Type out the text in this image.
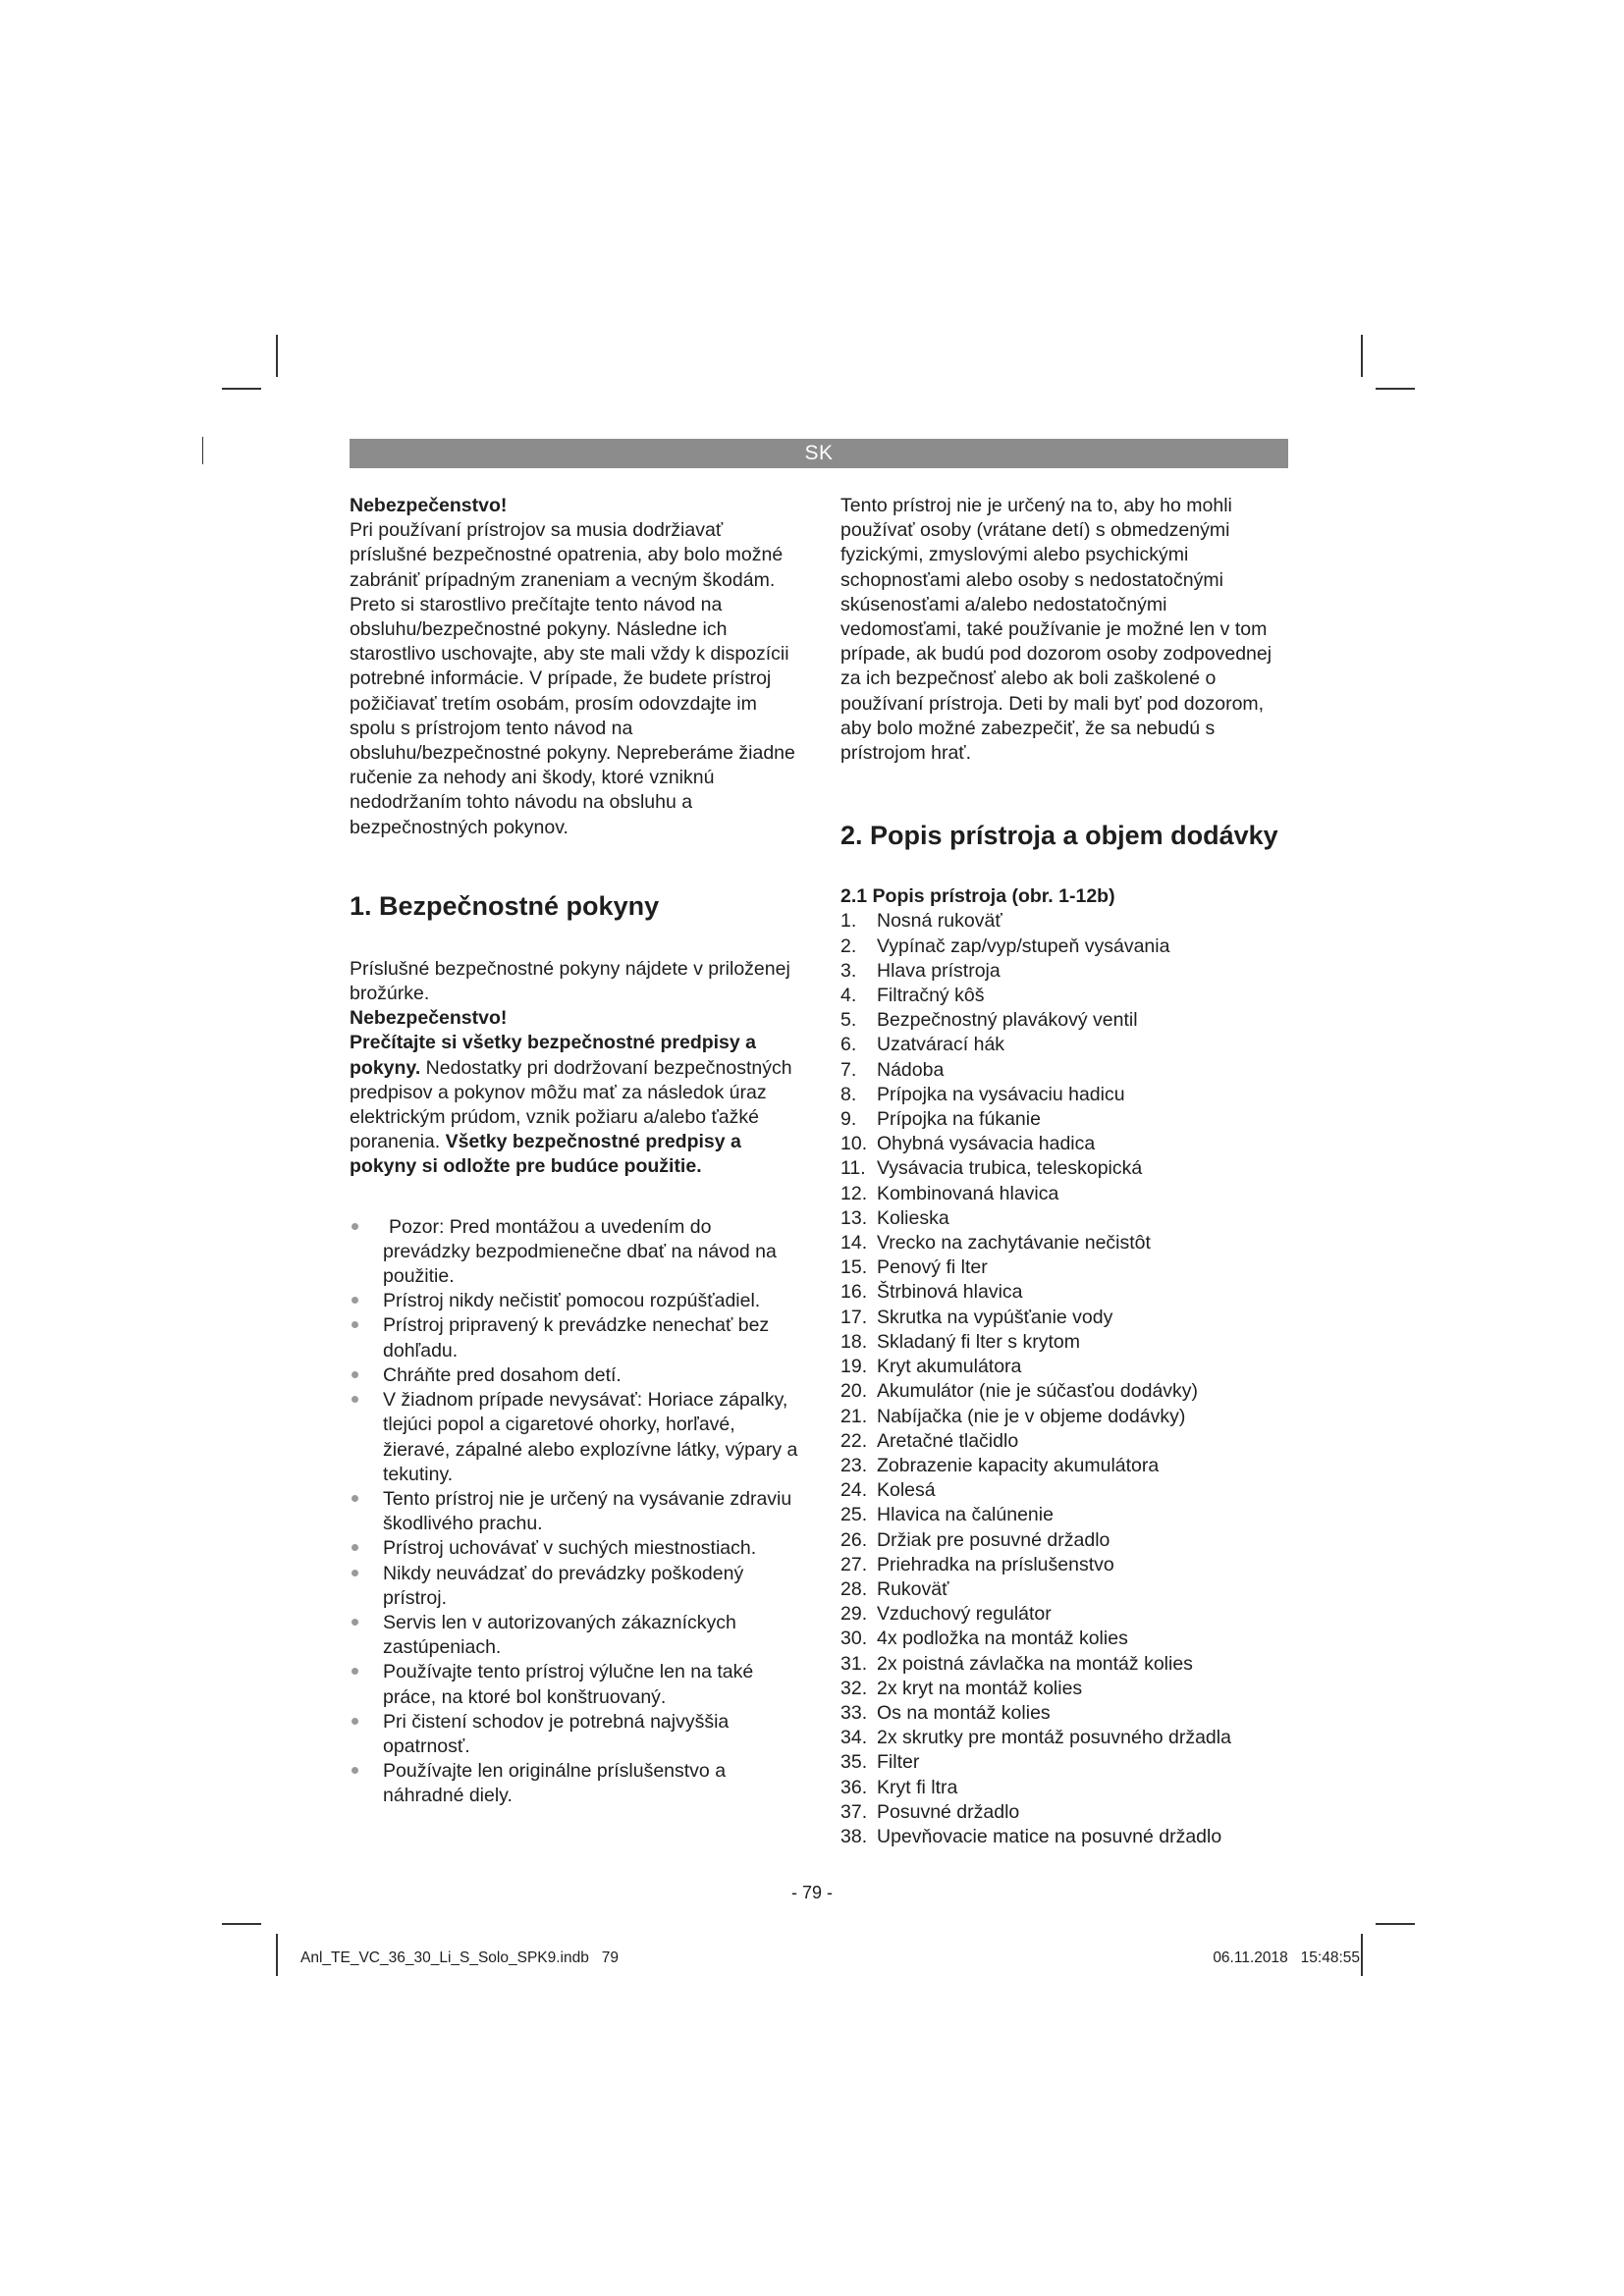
SK

Nebezpečenstvo!

Pri používaní prístrojov sa musia dodržiavať príslušné bezpečnostné opatrenia, aby bolo možné zabrániť prípadným zraneniam a vecným škodám. Preto si starostlivo prečítajte tento návod na obsluhu/bezpečnostné pokyny. Následne ich starostlivo uschovajte, aby ste mali vždy k dispozícii potrebné informácie. V prípade, že budete prístroj požičiavať tretím osobám, prosím odovzdajte im spolu s prístrojom tento návod na obsluhu/bezpečnostné pokyny. Nepreberáme žiadne ručenie za nehody ani škody, ktoré vzniknú nedodržaním tohto návodu na obsluhu a bezpečnostných pokynov.

1. Bezpečnostné pokyny

Príslušné bezpečnostné pokyny nájdete v priloženej brožúrke.

Nebezpečenstvo!

Prečítajte si všetky bezpečnostné predpisy a pokyny. Nedostatky pri dodržovaní bezpečnostných predpisov a pokynov môžu mať za následok úraz elektrickým prúdom, vznik požiaru a/alebo ťažké poranenia. Všetky bezpečnostné predpisy a pokyny si odložte pre budúce použitie.

Pozor: Pred montážou a uvedením do prevádzky bezpodmienečne dbať na návod na použitie.
Prístroj nikdy nečistiť pomocou rozpúšťadiel.
Prístroj pripravený k prevádzke nenechať bez dohľadu.
Chráňte pred dosahom detí.
V žiadnom prípade nevysávať: Horiace zápalky, tlejúci popol a cigaretové ohorky, horľavé, žieravé, zápalné alebo explozívne látky, výpary a tekutiny.
Tento prístroj nie je určený na vysávanie zdraviu škodlivého prachu.
Prístroj uchovávať v suchých miestnostiach.
Nikdy neuvádzať do prevádzky poškodený prístroj.
Servis len v autorizovaných zákazníckych zastúpeniach.
Používajte tento prístroj výlučne len na také práce, na ktoré bol konštruovaný.
Pri čistení schodov je potrebná najvyššia opatrnosť.
Používajte len originálne príslušenstvo a náhradné diely.

Tento prístroj nie je určený na to, aby ho mohli používať osoby (vrátane detí) s obmedzenými fyzickými, zmyslovými alebo psychickými schopnosťami alebo osoby s nedostatočnými skúsenosťami a/alebo nedostatočnými vedomosťami, také používanie je možné len v tom prípade, ak budú pod dozorom osoby zodpovednej za ich bezpečnosť alebo ak boli zaškolené o používaní prístroja. Deti by mali byť pod dozorom, aby bolo možné zabezpečiť, že sa nebudú s prístrojom hrať.

2. Popis prístroja a objem dodávky

2.1 Popis prístroja (obr. 1-12b)

1.	Nosná rukoväť
2.	Vypínač zap/vyp/stupeň vysávania
3.	Hlava prístroja
4.	Filtračný kôš
5.	Bezpečnostný plavákový ventil
6.	Uzatvárací hák
7.	Nádoba
8.	Prípojka na vysávaciu hadicu
9.	Prípojka na fúkanie
10. Ohybná vysávacia hadica
11. Vysávacia trubica, teleskopická
12. Kombinovaná hlavica
13. Kolieska
14. Vrecko na zachytávanie nečistôt
15. Penový fi lter
16. Štrbinová hlavica
17. Skrutka na vypúšťanie vody
18. Skladaný fi lter s krytom
19. Kryt akumulátora
20. Akumulátor (nie je súčasťou dodávky)
21. Nabíjačka (nie je v objeme dodávky)
22. Aretačné tlačidlo
23. Zobrazenie kapacity akumulátora
24. Kolesá
25. Hlavica na čalúnenie
26. Držiak pre posuvné držadlo
27. Priehradka na príslušenstvo
28. Rukoväť
29. Vzduchový regulátor
30. 4x podložka na montáž kolies
31. 2x poistná závlačka na montáž kolies
32. 2x kryt na montáž kolies
33. Os na montáž kolies
34. 2x skrutky pre montáž posuvného držadla
35. Filter
36. Kryt fi ltra
37. Posuvné držadlo
38. Upevňovacie matice na posuvné držadlo
- 79 -
Anl_TE_VC_36_30_Li_S_Solo_SPK9.indb   79	06.11.2018   15:48:55
